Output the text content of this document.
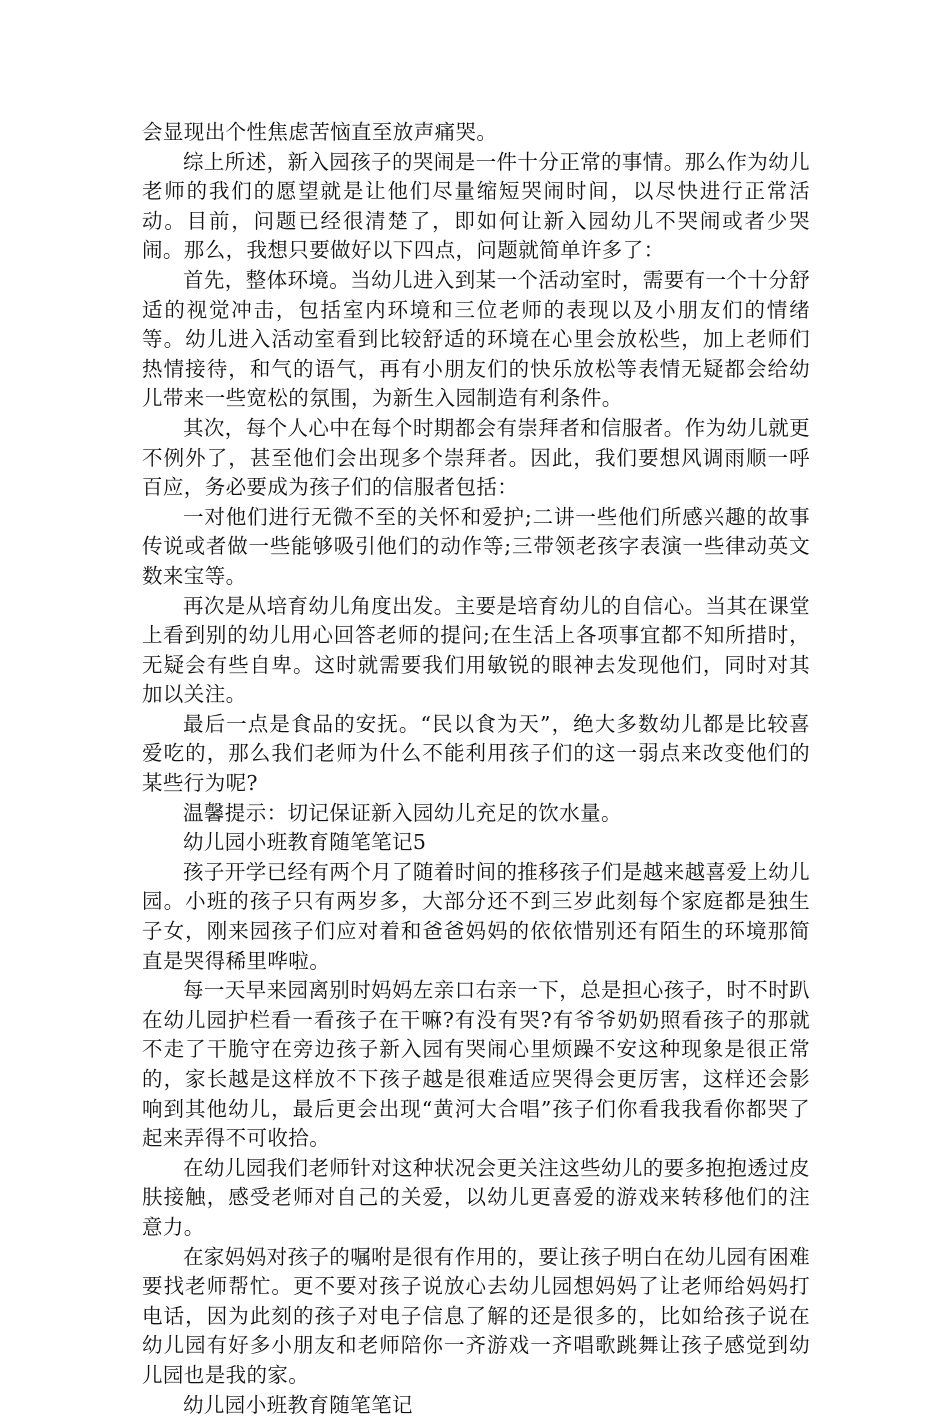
会显现出个性焦虑苦恼直至放声痛哭。

综上所述，新入园孩子的哭闹是一件十分正常的事情。那么作为幼儿老师的我们的愿望就是让他们尽量缩短哭闹时间，以尽快进行正常活动。目前，问题已经很清楚了，即如何让新入园幼儿不哭闹或者少哭闹。那么，我想只要做好以下四点，问题就简单许多了：

首先，整体环境。当幼儿进入到某一个活动室时，需要有一个十分舒适的视觉冲击，包括室内环境和三位老师的表现以及小朋友们的情绪等。幼儿进入活动室看到比较舒适的环境在心里会放松些，加上老师们热情接待，和气的语气，再有小朋友们的快乐放松等表情无疑都会给幼儿带来一些宽松的氛围，为新生入园制造有利条件。

其次，每个人心中在每个时期都会有崇拜者和信服者。作为幼儿就更不例外了，甚至他们会出现多个崇拜者。因此，我们要想风调雨顺一呼百应，务必要成为孩子们的信服者包括：

一对他们进行无微不至的关怀和爱护;二讲一些他们所感兴趣的故事传说或者做一些能够吸引他们的动作等;三带领老孩字表演一些律动英文数来宝等。

再次是从培育幼儿角度出发。主要是培育幼儿的自信心。当其在课堂上看到别的幼儿用心回答老师的提问;在生活上各项事宜都不知所措时，无疑会有些自卑。这时就需要我们用敏锐的眼神去发现他们，同时对其加以关注。

最后一点是食品的安抚。“民以食为天”，绝大多数幼儿都是比较喜爱吃的，那么我们老师为什么不能利用孩子们的这一弱点来改变他们的某些行为呢?

温馨提示：切记保证新入园幼儿充足的饮水量。

幼儿园小班教育随笔笔记5

孩子开学已经有两个月了随着时间的推移孩子们是越来越喜爱上幼儿园。小班的孩子只有两岁多，大部分还不到三岁此刻每个家庭都是独生子女，刚来园孩子们应对着和爸爸妈妈的依依惜别还有陌生的环境那简直是哭得稀里哗啦。

每一天早来园离别时妈妈左亲口右亲一下，总是担心孩子，时不时趴在幼儿园护栏看一看孩子在干嘛?有没有哭?有爷爷奶奶照看孩子的那就不走了干脆守在旁边孩子新入园有哭闹心里烦躁不安这种现象是很正常的，家长越是这样放不下孩子越是很难适应哭得会更厉害，这样还会影响到其他幼儿，最后更会出现“黄河大合唱”孩子们你看我我看你都哭了起来弄得不可收拾。

在幼儿园我们老师针对这种状况会更关注这些幼儿的要多抱抱透过皮肤接触，感受老师对自己的关爱，以幼儿更喜爱的游戏来转移他们的注意力。

在家妈妈对孩子的嘱咐是很有作用的，要让孩子明白在幼儿园有困难要找老师帮忙。更不要对孩子说放心去幼儿园想妈妈了让老师给妈妈打电话，因为此刻的孩子对电子信息了解的还是很多的，比如给孩子说在幼儿园有好多小朋友和老师陪你一齐游戏一齐唱歌跳舞让孩子感觉到幼儿园也是我的家。

幼儿园小班教育随笔笔记
